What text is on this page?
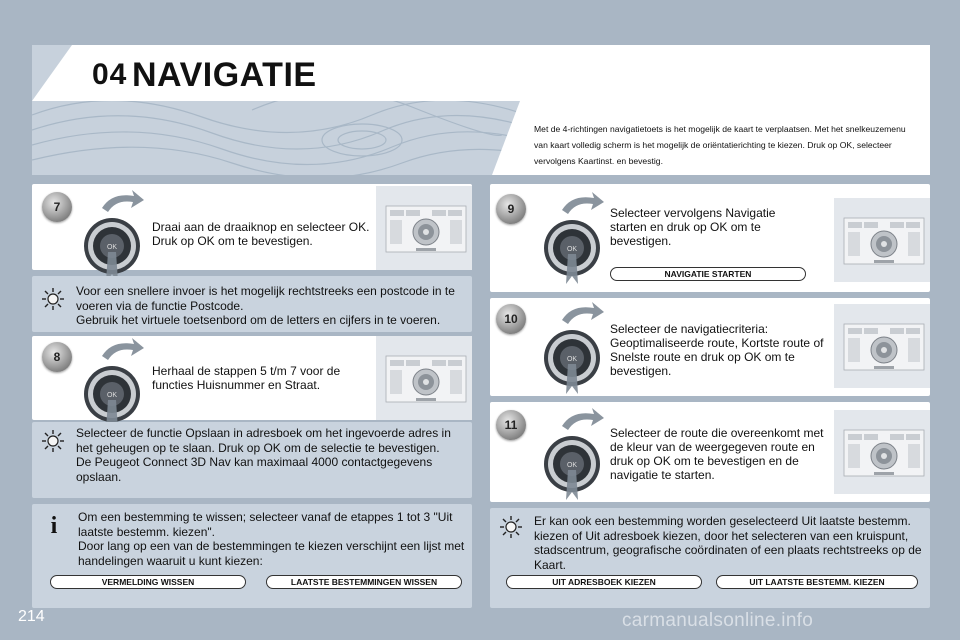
04 NAVIGATIE
Met de 4-richtingen navigatietoets is het mogelijk de kaart te verplaatsen. Met het snelkeuzemenu van kaart volledig scherm is het mogelijk de oriëntatierichting te kiezen. Druk op OK, selecteer vervolgens Kaartinst. en bevestig.
7
Draai aan de draaiknop en selecteer OK. Druk op OK om te bevestigen.
Voor een snellere invoer is het mogelijk rechtstreeks een postcode in te voeren via de functie Postcode.
Gebruik het virtuele toetsenbord om de letters en cijfers in te voeren.
8
Herhaal de stappen 5 t/m 7 voor de functies Huisnummer en Straat.
Selecteer de functie Opslaan in adresboek om het ingevoerde adres in het geheugen op te slaan. Druk op OK om de selectie te bevestigen.
De Peugeot Connect 3D Nav kan maximaal 4000 contactgegevens opslaan.
i	Om een bestemming te wissen; selecteer vanaf de etappes 1 tot 3 "Uit laatste bestemm. kiezen".
Door lang op een van de bestemmingen te kiezen verschijnt een lijst met handelingen waaruit u kunt kiezen:
VERMELDING WISSEN	LAATSTE BESTEMMINGEN WISSEN
9	Selecteer vervolgens Navigatie starten en druk op OK om te bevestigen.
NAVIGATIE STARTEN
10
Selecteer de navigatiecriteria: Geoptimaliseerde route, Kortste route of Snelste route en druk op OK om te bevestigen.
11
Selecteer de route die overeenkomt met de kleur van de weergegeven route en druk op OK om te bevestigen en de navigatie te starten.
Er kan ook een bestemming worden geselecteerd Uit laatste bestemm. kiezen of Uit adresboek kiezen, door het selecteren van een kruispunt, stadscentrum, geografische coördinaten of een plaats rechtstreeks op de Kaart.
UIT ADRESBOEK KIEZEN	UIT LAATSTE BESTEMM. KIEZEN
214	carmanualsonline.info
